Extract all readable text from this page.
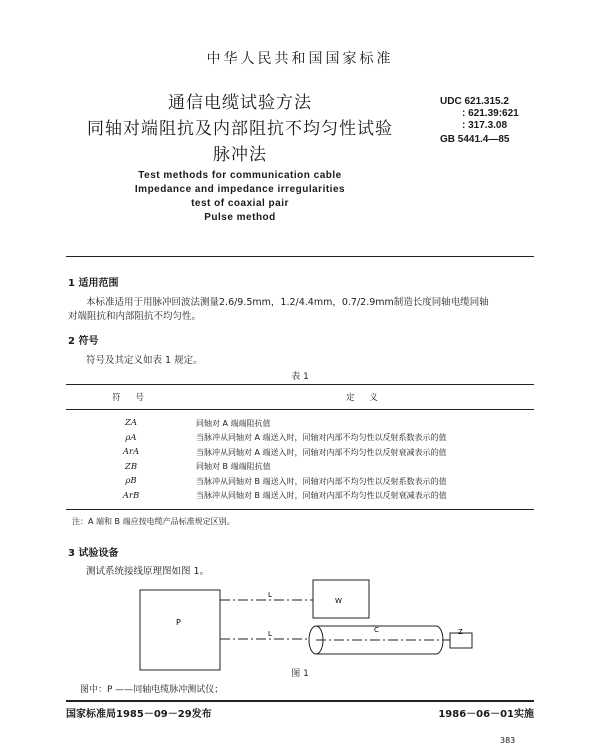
中华人民共和国国家标准
通信电缆试验方法
同轴对端阻抗及内部阻抗不均匀性试验
脉冲法
UDC 621.315.2
: 621.39:621
: 317.3.08
GB 5441.4—85
Test methods for communication cable
Impedance and impedance irregularities
test of coaxial pair
Pulse method
1 适用范围
本标准适用于用脉冲回波法测量2.6/9.5mm，1.2/4.4mm，0.7/2.9mm制造长度同轴电缆同轴
对端阻抗和内部阻抗不均匀性。
2 符号
符号及其定义如表 1 规定。
表 1
符 号	定 义
ZA	同轴对 A 端端阻抗值
ρA	当脉冲从同轴对 A 端送入时，同轴对内部不均匀性以反射系数表示的值
ArA	当脉冲从同轴对 A 端送入时，同轴对内部不均匀性以反射衰减表示的值
ZB	同轴对 B 端端阻抗值
ρB	当脉冲从同轴对 B 端送入时，同轴对内部不均匀性以反射系数表示的值
ArB	当脉冲从同轴对 B 端送入时，同轴对内部不均匀性以反射衰减表示的值
注：A 端和 B 端应按电缆产品标准规定区别。
3 试验设备
测试系统接线原理图如图 1。
P
L
W
L	C	Z
图 1
图中：P ——同轴电缆脉冲测试仪；
国家标准局1985－09－29发布	1986－06－01实施
383
